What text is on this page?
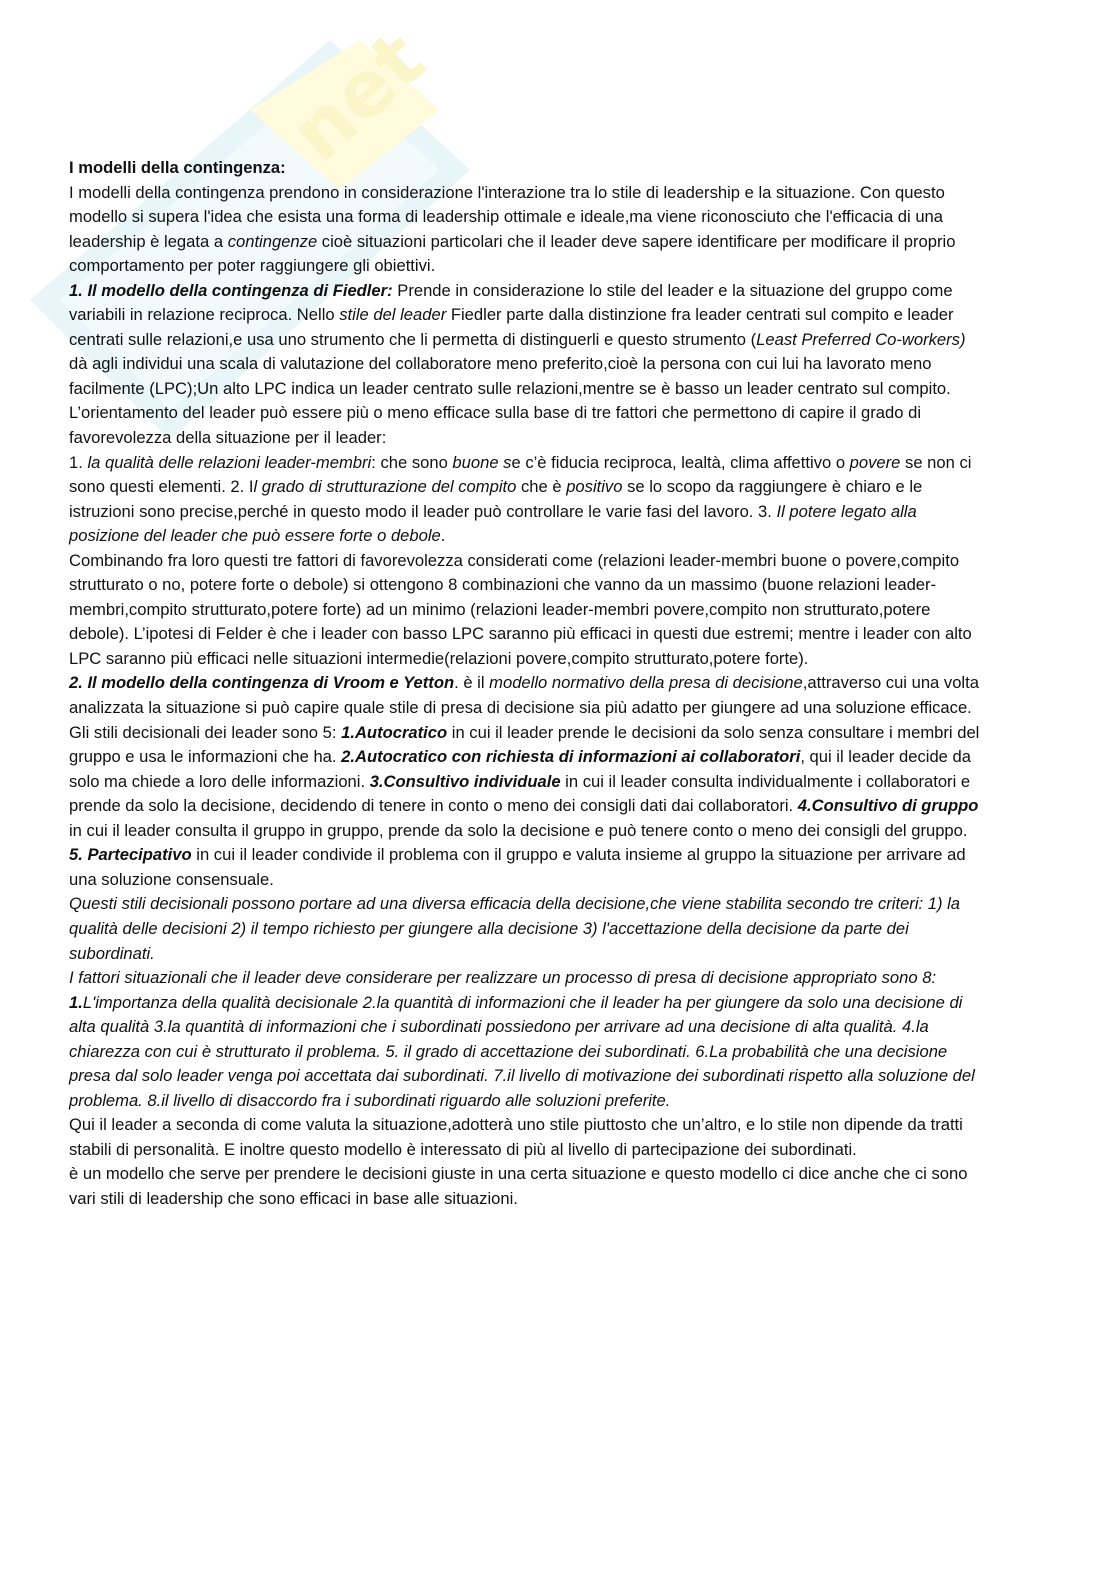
net

I modelli della contingenza:
I modelli della contingenza prendono in considerazione l'interazione tra lo stile di leadership e la situazione. Con questo modello si supera l'idea che esista una forma di leadership ottimale e ideale,ma viene riconosciuto che l'efficacia di una leadership è legata a contingenze cioè situazioni particolari che il leader deve sapere identificare per modificare il proprio comportamento per poter raggiungere gli obiettivi.

1. Il modello della contingenza di Fiedler: Prende in considerazione lo stile del leader e la situazione del gruppo come variabili in relazione reciproca. Nello stile del leader Fiedler parte dalla distinzione fra leader centrati sul compito e leader centrati sulle relazioni,e usa uno strumento che li permetta di distinguerli e questo strumento (Least Preferred Co-workers) dà agli individui una scala di valutazione del collaboratore meno preferito,cioè la persona con cui lui ha lavorato meno facilmente (LPC);Un alto LPC indica un leader centrato sulle relazioni,mentre se è basso un leader centrato sul compito.

L’orientamento del leader può essere più o meno efficace sulla base di tre fattori che permettono di capire il grado di favorevolezza della situazione per il leader:

1. la qualità delle relazioni leader-membri: che sono buone se c’è fiducia reciproca, lealtà, clima affettivo o povere se non ci sono questi elementi. 2. Il grado di strutturazione del compito che è positivo se lo scopo da raggiungere è chiaro e le istruzioni sono precise,perché in questo modo il leader può controllare le varie fasi del lavoro. 3. Il potere legato alla posizione del leader che può essere forte o debole.

Combinando fra loro questi tre fattori di favorevolezza considerati come (relazioni leader-membri buone o povere,compito strutturato o no, potere forte o debole) si ottengono 8 combinazioni che vanno da un massimo (buone relazioni leader-membri,compito strutturato,potere forte) ad un minimo (relazioni leader-membri povere,compito non strutturato,potere debole). L’ipotesi di Felder è che i leader con basso LPC saranno più efficaci in questi due estremi; mentre i leader con alto LPC saranno più efficaci nelle situazioni intermedie(relazioni povere,compito strutturato,potere forte).

2. Il modello della contingenza di Vroom e Yetton. è il modello normativo della presa di decisione,attraverso cui una volta analizzata la situazione si può capire quale stile di presa di decisione sia più adatto per giungere ad una soluzione efficace.

Gli stili decisionali dei leader sono 5: 1.Autocratico in cui il leader prende le decisioni da solo senza consultare i membri del gruppo e usa le informazioni che ha. 2.Autocratico con richiesta di informazioni ai collaboratori, qui il leader decide da solo ma chiede a loro delle informazioni. 3.Consultivo individuale in cui il leader consulta individualmente i collaboratori e prende da solo la decisione, decidendo di tenere in conto o meno dei consigli dati dai collaboratori. 4.Consultivo di gruppo in cui il leader consulta il gruppo in gruppo, prende da solo la decisione e può tenere conto o meno dei consigli del gruppo. 5. Partecipativo in cui il leader condivide il problema con il gruppo e valuta insieme al gruppo la situazione per arrivare ad una soluzione consensuale.

Questi stili decisionali possono portare ad una diversa efficacia della decisione,che viene stabilita secondo tre criteri: 1) la qualità delle decisioni 2) il tempo richiesto per giungere alla decisione 3) l'accettazione della decisione da parte dei subordinati.

I fattori situazionali che il leader deve considerare per realizzare un processo di presa di decisione appropriato sono 8: 1.L'importanza della qualità decisionale 2.la quantità di informazioni che il leader ha per giungere da solo una decisione di alta qualità 3.la quantità di informazioni che i subordinati possiedono per arrivare ad una decisione di alta qualità. 4.la chiarezza con cui è strutturato il problema. 5. il grado di accettazione dei subordinati. 6.La probabilità che una decisione presa dal solo leader venga poi accettata dai subordinati. 7.il livello di motivazione dei subordinati rispetto alla soluzione del problema. 8.il livello di disaccordo fra i subordinati riguardo alle soluzioni preferite.

Qui il leader a seconda di come valuta la situazione,adotterà uno stile piuttosto che un’altro, e lo stile non dipende da tratti stabili di personalità. E inoltre questo modello è interessato di più al livello di partecipazione dei subordinati.

è un modello che serve per prendere le decisioni giuste in una certa situazione e questo modello ci dice anche che ci sono vari stili di leadership che sono efficaci in base alle situazioni.
